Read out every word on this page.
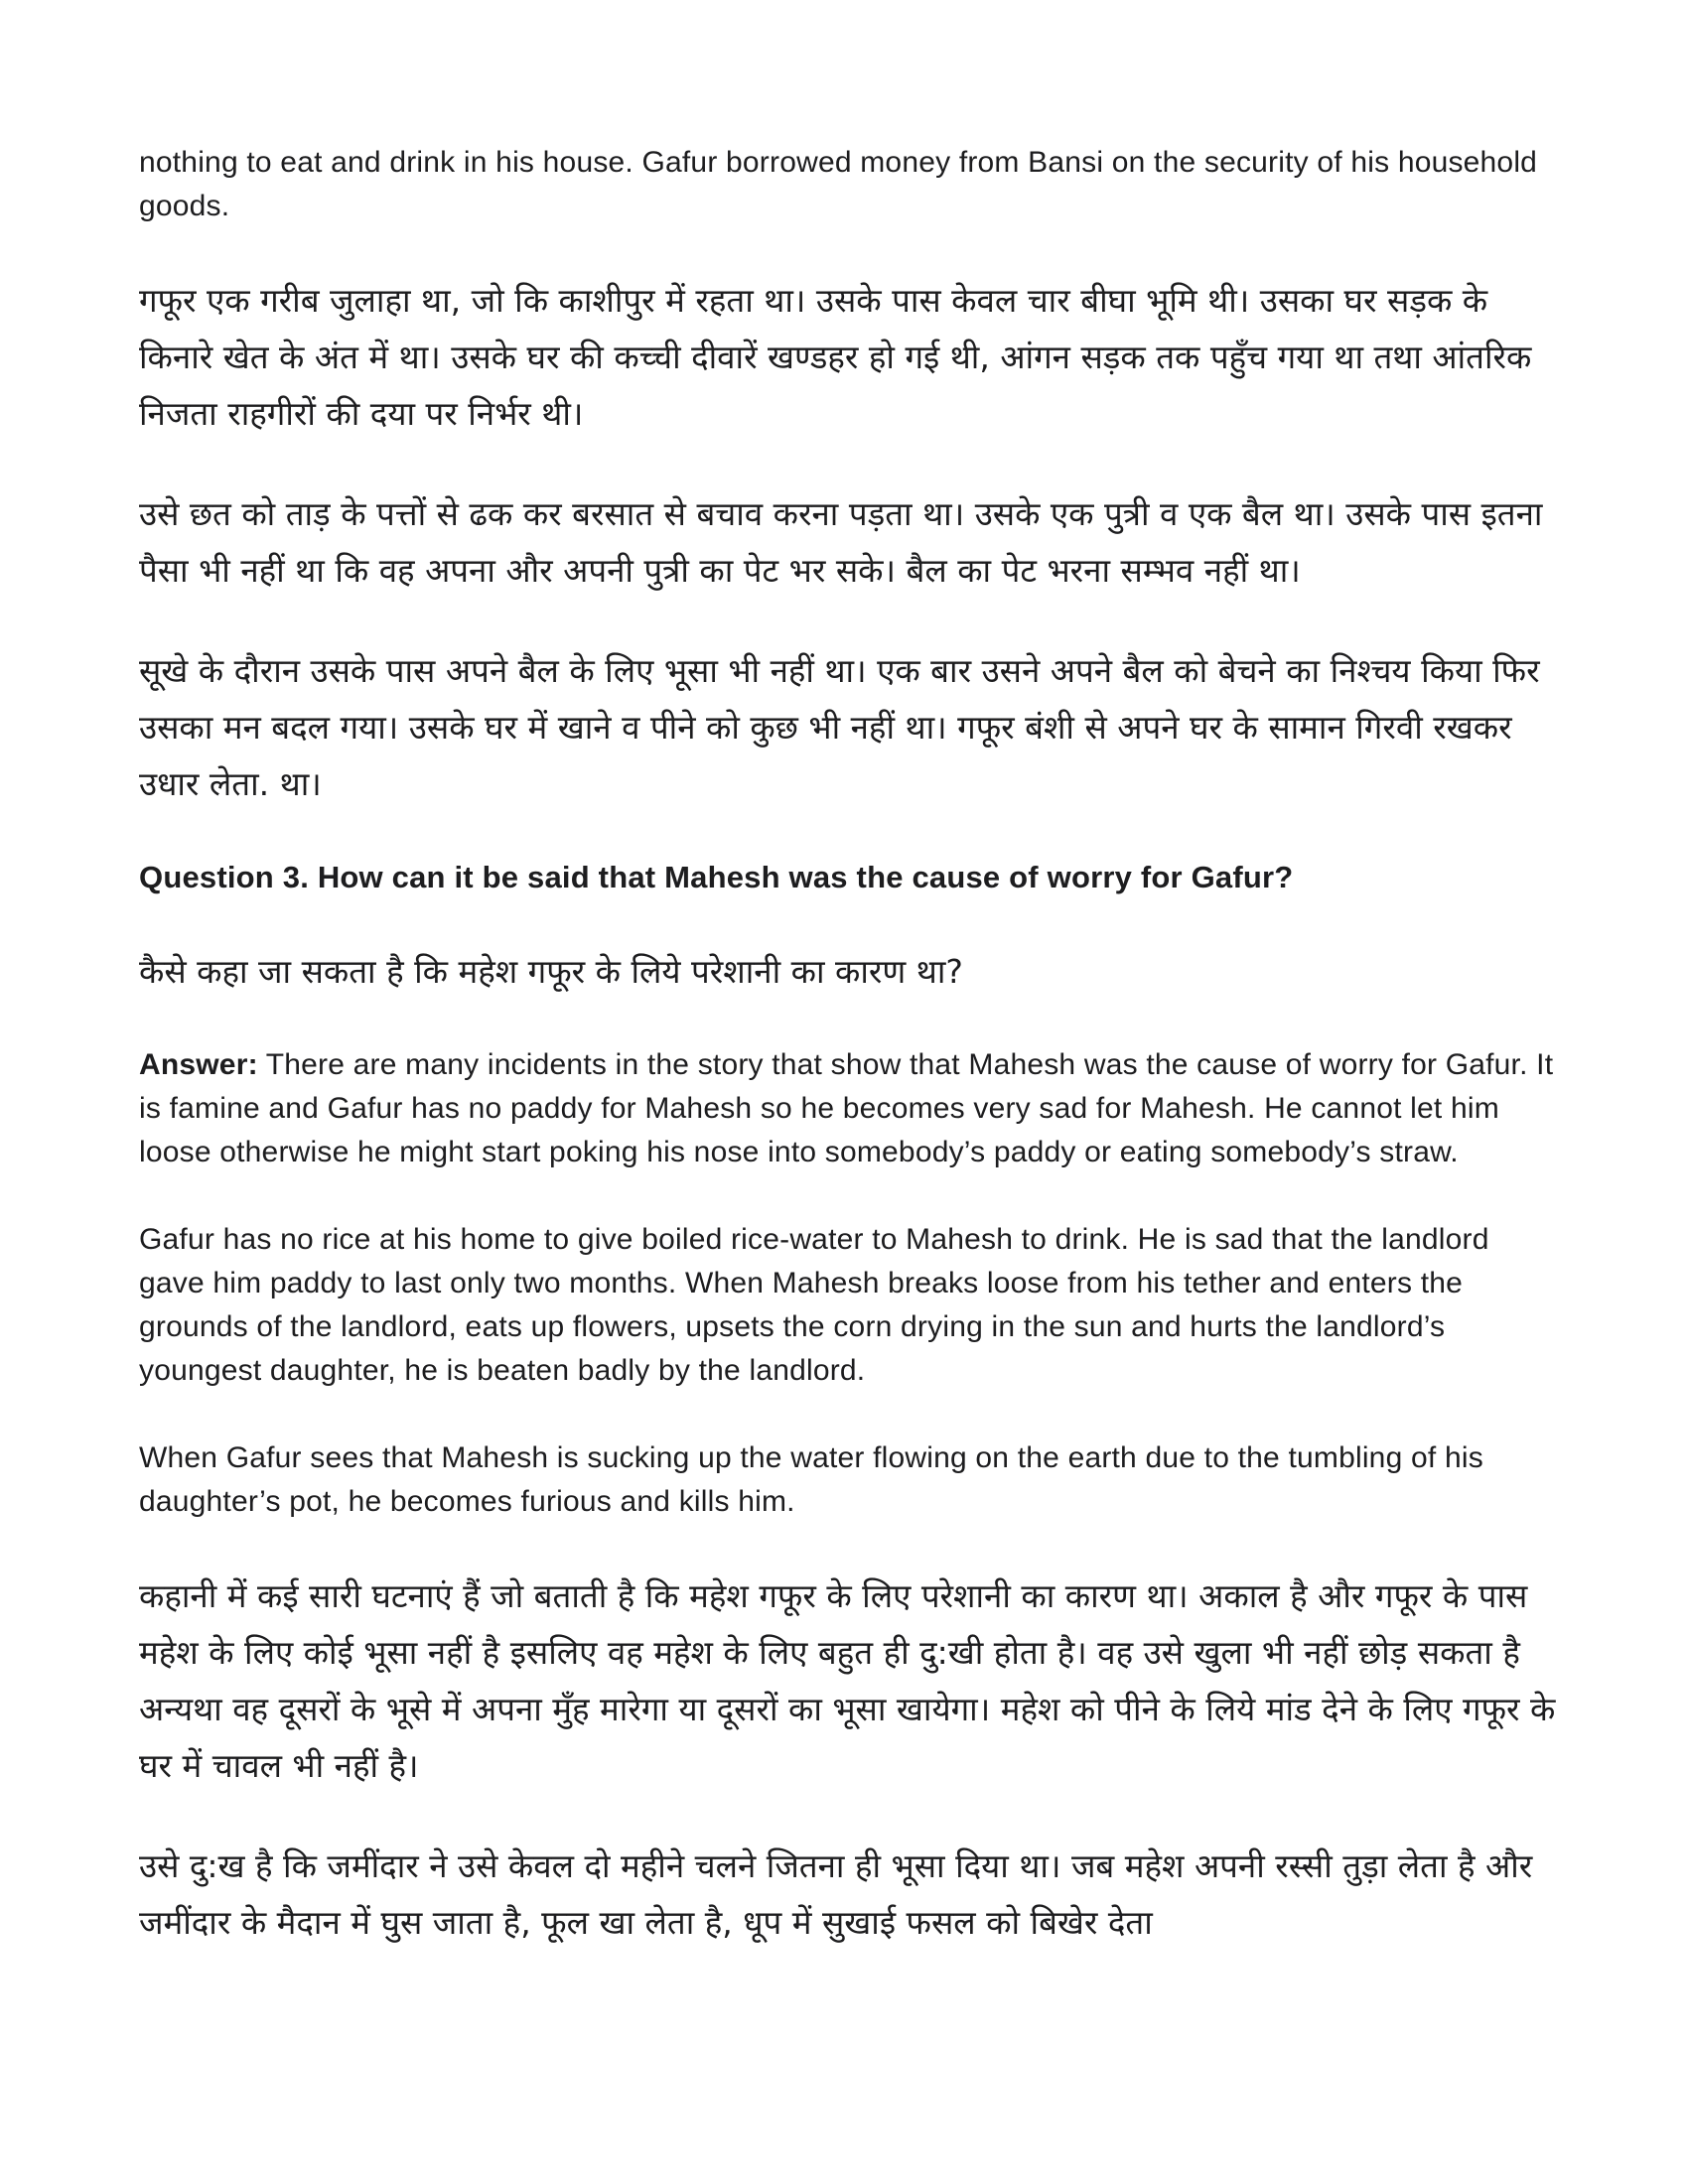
nothing to eat and drink in his house. Gafur borrowed money from Bansi on the security of his household goods.

गफूर एक गरीब जुलाहा था, जो कि काशीपुर में रहता था। उसके पास केवल चार बीघा भूमि थी। उसका घर सड़क के किनारे खेत के अंत में था। उसके घर की कच्ची दीवारें खण्डहर हो गई थी, आंगन सड़क तक पहुँच गया था तथा आंतरिक निजता राहगीरों की दया पर निर्भर थी।

उसे छत को ताड़ के पत्तों से ढक कर बरसात से बचाव करना पड़ता था। उसके एक पुत्री व एक बैल था। उसके पास इतना पैसा भी नहीं था कि वह अपना और अपनी पुत्री का पेट भर सके। बैल का पेट भरना सम्भव नहीं था।

सूखे के दौरान उसके पास अपने बैल के लिए भूसा भी नहीं था। एक बार उसने अपने बैल को बेचने का निश्चय किया फिर उसका मन बदल गया। उसके घर में खाने व पीने को कुछ भी नहीं था। गफूर बंशी से अपने घर के सामान गिरवी रखकर उधार लेता. था।

Question 3. How can it be said that Mahesh was the cause of worry for Gafur?

कैसे कहा जा सकता है कि महेश गफूर के लिये परेशानी का कारण था?

Answer: There are many incidents in the story that show that Mahesh was the cause of worry for Gafur. It is famine and Gafur has no paddy for Mahesh so he becomes very sad for Mahesh. He cannot let him loose otherwise he might start poking his nose into somebody’s paddy or eating somebody’s straw.

Gafur has no rice at his home to give boiled rice-water to Mahesh to drink. He is sad that the landlord gave him paddy to last only two months. When Mahesh breaks loose from his tether and enters the grounds of the landlord, eats up flowers, upsets the corn drying in the sun and hurts the landlord’s youngest daughter, he is beaten badly by the landlord.

When Gafur sees that Mahesh is sucking up the water flowing on the earth due to the tumbling of his daughter’s pot, he becomes furious and kills him.

कहानी में कई सारी घटनाएं हैं जो बताती है कि महेश गफूर के लिए परेशानी का कारण था। अकाल है और गफूर के पास महेश के लिए कोई भूसा नहीं है इसलिए वह महेश के लिए बहुत ही दु:खी होता है। वह उसे खुला भी नहीं छोड़ सकता है अन्यथा वह दूसरों के भूसे में अपना मुँह मारेगा या दूसरों का भूसा खायेगा। महेश को पीने के लिये मांड देने के लिए गफूर के घर में चावल भी नहीं है।

उसे दु:ख है कि जमींदार ने उसे केवल दो महीने चलने जितना ही भूसा दिया था। जब महेश अपनी रस्सी तुड़ा लेता है और जमींदार के मैदान में घुस जाता है, फूल खा लेता है, धूप में सुखाई फसल को बिखेर देता
